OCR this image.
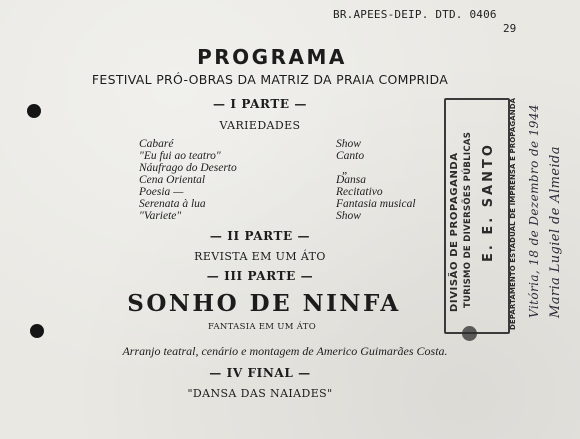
BR.APEES-DEIP. DTD. 0406
29
PROGRAMA
FESTIVAL PRÓ-OBRAS DA MATRIZ DA PRAIA COMPRIDA
— I PARTE —
VARIEDADES
Cabaré	Show
"Eu fui ao teatro"	Canto
Náufrago do Deserto	„
Cena Oriental	Dansa
Poesia —	Recitativo
Serenata à lua	Fantasia musical
"Variete"	Show
— II PARTE —
REVISTA EM UM ÁTO
— III PARTE —
SONHO DE NINFA
FANTASIA EM UM ÁTO
Arranjo teatral, cenário e montagem de Americo Guimarães Costa.
— IV FINAL —
"DANSA DAS NAIADES"
DIVISÃO DE PROPAGANDA TURISMO DE DIVERSÕES PÚBLICAS E. E. SANTO DEPARTAMENTO ESTADUAL DE IMPRENSA E PROPAGANDA Vitória, 18 de Dezembro de 1944 Maria Lugiel de Almeida
